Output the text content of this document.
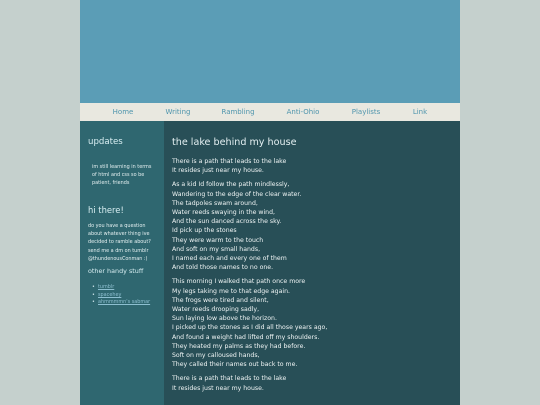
Home	Writing	Rambling	Anti-Ohio	Playlists	Link
updates

im still learning in terms of html and css so be patient, friends

hi there!

do you have a question about whatever thing ive decided to ramble about? send me a dm on tumblr @thundenousConman :)

other handy stuff
• tumblr
• spacehey
• ahmmmmn's sabmar
the lake behind my house
There is a path that leads to the lake
It resides just near my house.
As a kid Id follow the path mindlessly,
Wandering to the edge of the clear water.
The tadpoles swam around,
Water reeds swaying in the wind,
And the sun danced across the sky.
Id pick up the stones
They were warm to the touch
And soft on my small hands,
I named each and every one of them
And told those names to no one.
This morning I walked that path once more
My legs taking me to that edge again.
The frogs were tired and silent,
Water reeds drooping sadly,
Sun laying low above the horizon.
I picked up the stones as I did all those years ago,
And found a weight had lifted off my shoulders.
They heated my palms as they had before.
Soft on my calloused hands,
They called their names out back to me.
There is a path that leads to the lake
It resides just near my house.
